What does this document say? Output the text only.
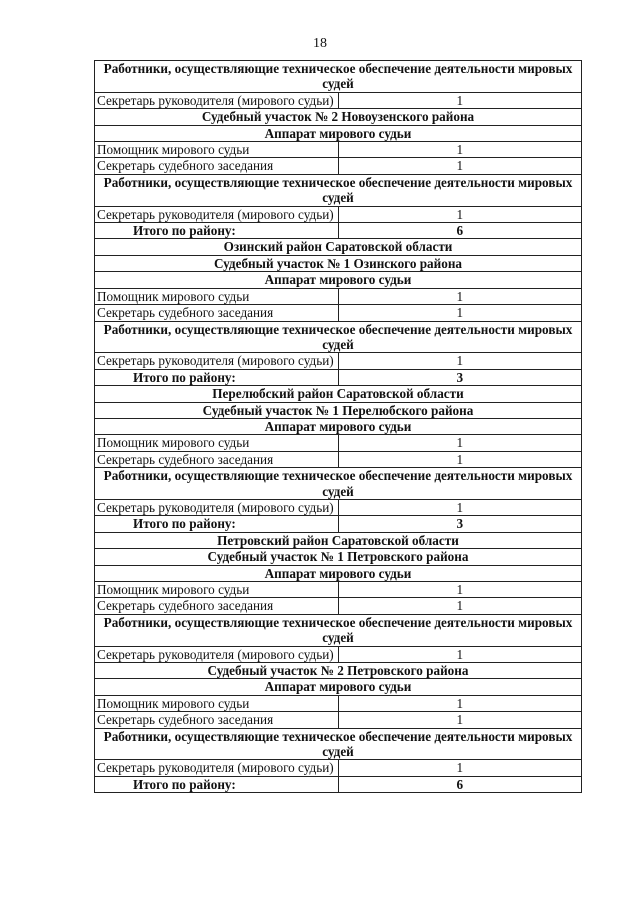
18
Работники, осуществляющие техническое обеспечение деятельности мировых судей	
Секретарь руководителя (мирового судьи)	1
Судебный участок № 2 Новоузенского района	
Аппарат мирового судьи	
Помощник мирового судьи	1
Секретарь судебного заседания	1
Работники, осуществляющие техническое обеспечение деятельности мировых судей	
Секретарь руководителя (мирового судьи)	1
Итого по району:	6
Озинский район Саратовской области	
Судебный участок № 1 Озинского района	
Аппарат мирового судьи	
Помощник мирового судьи	1
Секретарь судебного заседания	1
Работники, осуществляющие техническое обеспечение деятельности мировых судей	
Секретарь руководителя (мирового судьи)	1
Итого по району:	3
Перелюбский район Саратовской области	
Судебный участок № 1 Перелюбского района	
Аппарат мирового судьи	
Помощник мирового судьи	1
Секретарь судебного заседания	1
Работники, осуществляющие техническое обеспечение деятельности мировых судей	
Секретарь руководителя (мирового судьи)	1
Итого по району:	3
Петровский район Саратовской области	
Судебный участок № 1 Петровского района	
Аппарат мирового судьи	
Помощник мирового судьи	1
Секретарь судебного заседания	1
Работники, осуществляющие техническое обеспечение деятельности мировых судей	
Секретарь руководителя (мирового судьи)	1
Судебный участок № 2 Петровского района	
Аппарат мирового судьи	
Помощник мирового судьи	1
Секретарь судебного заседания	1
Работники, осуществляющие техническое обеспечение деятельности мировых судей	
Секретарь руководителя (мирового судьи)	1
Итого по району:	6
